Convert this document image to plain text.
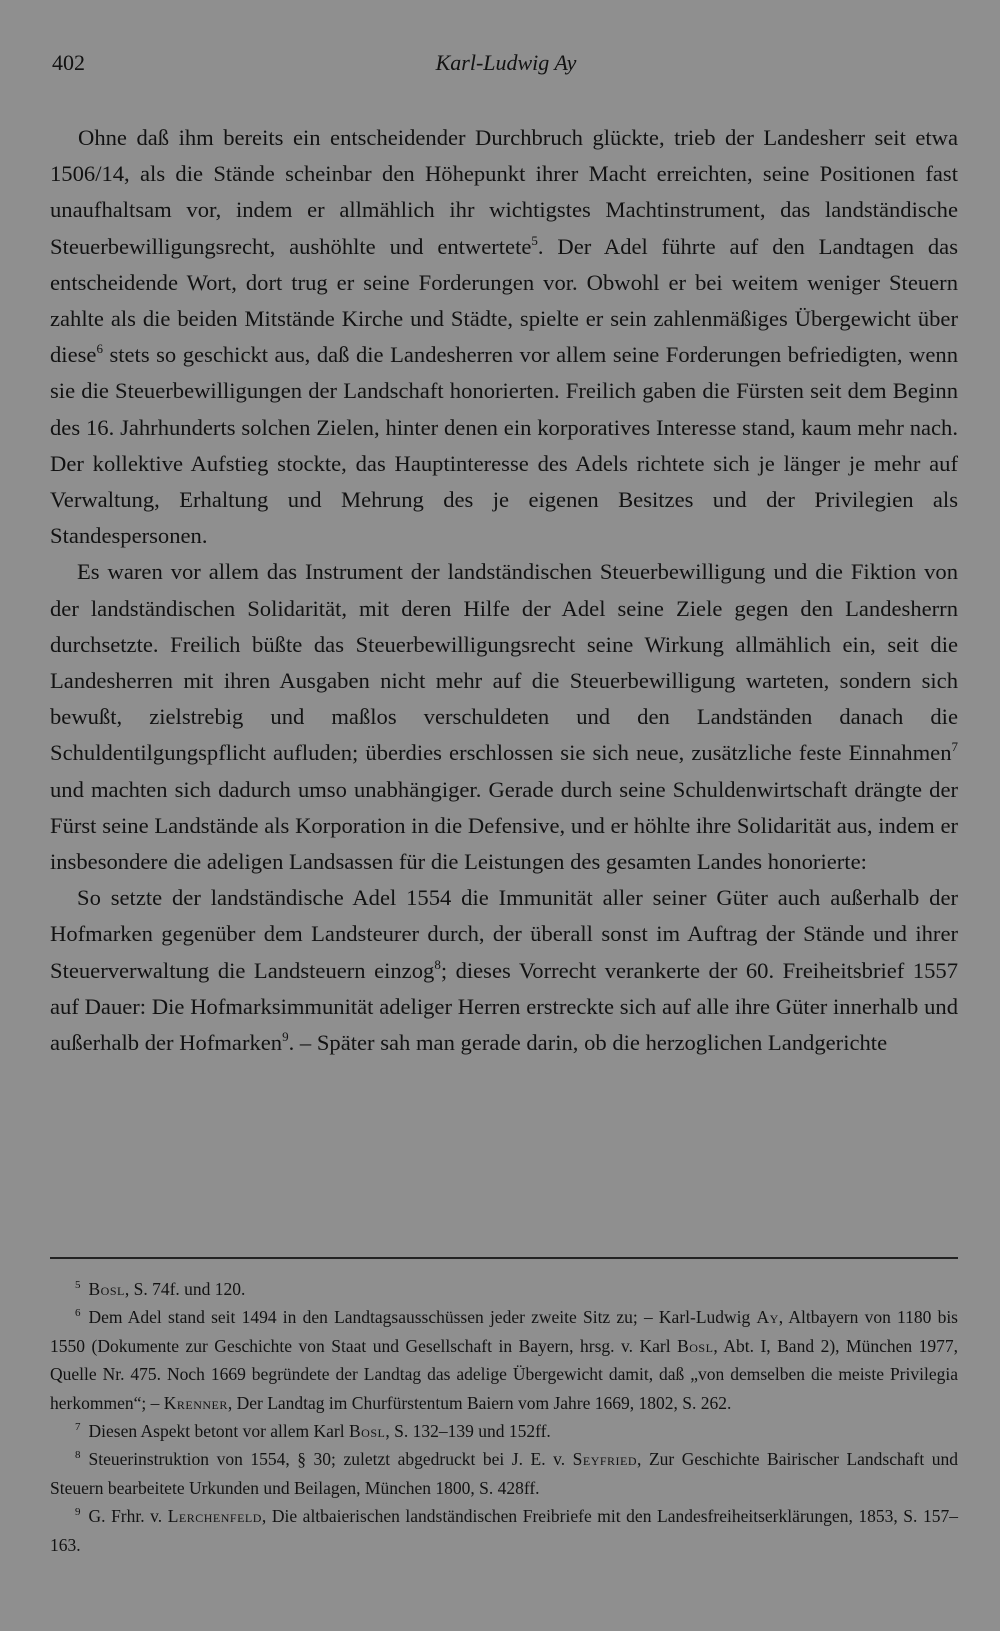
402	Karl-Ludwig Ay

Ohne daß ihm bereits ein entscheidender Durchbruch glückte, trieb der Landesherr seit etwa 1506/14, als die Stände scheinbar den Höhepunkt ihrer Macht erreichten, seine Positionen fast unaufhaltsam vor, indem er allmählich ihr wichtigstes Machtinstrument, das landständische Steuerbewilligungsrecht, aushöhlte und entwertete$^5$. Der Adel führte auf den Landtagen das entscheidende Wort, dort trug er seine Forderungen vor. Obwohl er bei weitem weniger Steuern zahlte als die beiden Mitstände Kirche und Städte, spielte er sein zahlenmäßiges Übergewicht über diese$^6$ stets so geschickt aus, daß die Landesherren vor allem seine Forderungen befriedigten, wenn sie die Steuerbewilligungen der Landschaft honorierten. Freilich gaben die Fürsten seit dem Beginn des 16. Jahrhunderts solchen Zielen, hinter denen ein korporatives Interesse stand, kaum mehr nach. Der kollektive Aufstieg stockte, das Hauptinteresse des Adels richtete sich je länger je mehr auf Verwaltung, Erhaltung und Mehrung des je eigenen Besitzes und der Privilegien als Standespersonen.

Es waren vor allem das Instrument der landständischen Steuerbewilligung und die Fiktion von der landständischen Solidarität, mit deren Hilfe der Adel seine Ziele gegen den Landesherrn durchsetzte. Freilich büßte das Steuerbewilligungsrecht seine Wirkung allmählich ein, seit die Landesherren mit ihren Ausgaben nicht mehr auf die Steuerbewilligung warteten, sondern sich bewußt, zielstrebig und maßlos verschuldeten und den Landständen danach die Schuldentilgungspflicht aufluden; überdies erschlossen sie sich neue, zusätzliche feste Einnahmen$^7$ und machten sich dadurch umso unabhängiger. Gerade durch seine Schuldenwirtschaft drängte der Fürst seine Landstände als Korporation in die Defensive, und er höhlte ihre Solidarität aus, indem er insbesondere die adeligen Landsassen für die Leistungen des gesamten Landes honorierte:

So setzte der landständische Adel 1554 die Immunität aller seiner Güter auch außerhalb der Hofmarken gegenüber dem Landsteurer durch, der überall sonst im Auftrag der Stände und ihrer Steuerverwaltung die Landsteuern einzog$^8$; dieses Vorrecht verankerte der 60. Freiheitsbrief 1557 auf Dauer: Die Hofmarksimmunität adeliger Herren erstreckte sich auf alle ihre Güter innerhalb und außerhalb der Hofmarken$^9$. – Später sah man gerade darin, ob die herzoglichen Landgerichte

$^5$ Bosl, S. 74f. und 120.
$^6$ Dem Adel stand seit 1494 in den Landtagsausschüssen jeder zweite Sitz zu; – Karl-Ludwig Ay, Altbayern von 1180 bis 1550 (Dokumente zur Geschichte von Staat und Gesellschaft in Bayern, hrsg. v. Karl Bosl, Abt. I, Band 2), München 1977, Quelle Nr. 475. Noch 1669 begründete der Landtag das adelige Übergewicht damit, daß „von demselben die meiste Privilegia herkommen“; – Krenner, Der Landtag im Churfürstentum Baiern vom Jahre 1669, 1802, S. 262.
$^7$ Diesen Aspekt betont vor allem Karl Bosl, S. 132–139 und 152ff.
$^8$ Steuerinstruktion von 1554, § 30; zuletzt abgedruckt bei J. E. v. Seyfried, Zur Geschichte Bairischer Landschaft und Steuern bearbeitete Urkunden und Beilagen, München 1800, S. 428ff.
$^9$ G. Frhr. v. Lerchenfeld, Die altbaierischen landständischen Freibriefe mit den Landesfreiheitserklärungen, 1853, S. 157–163.
